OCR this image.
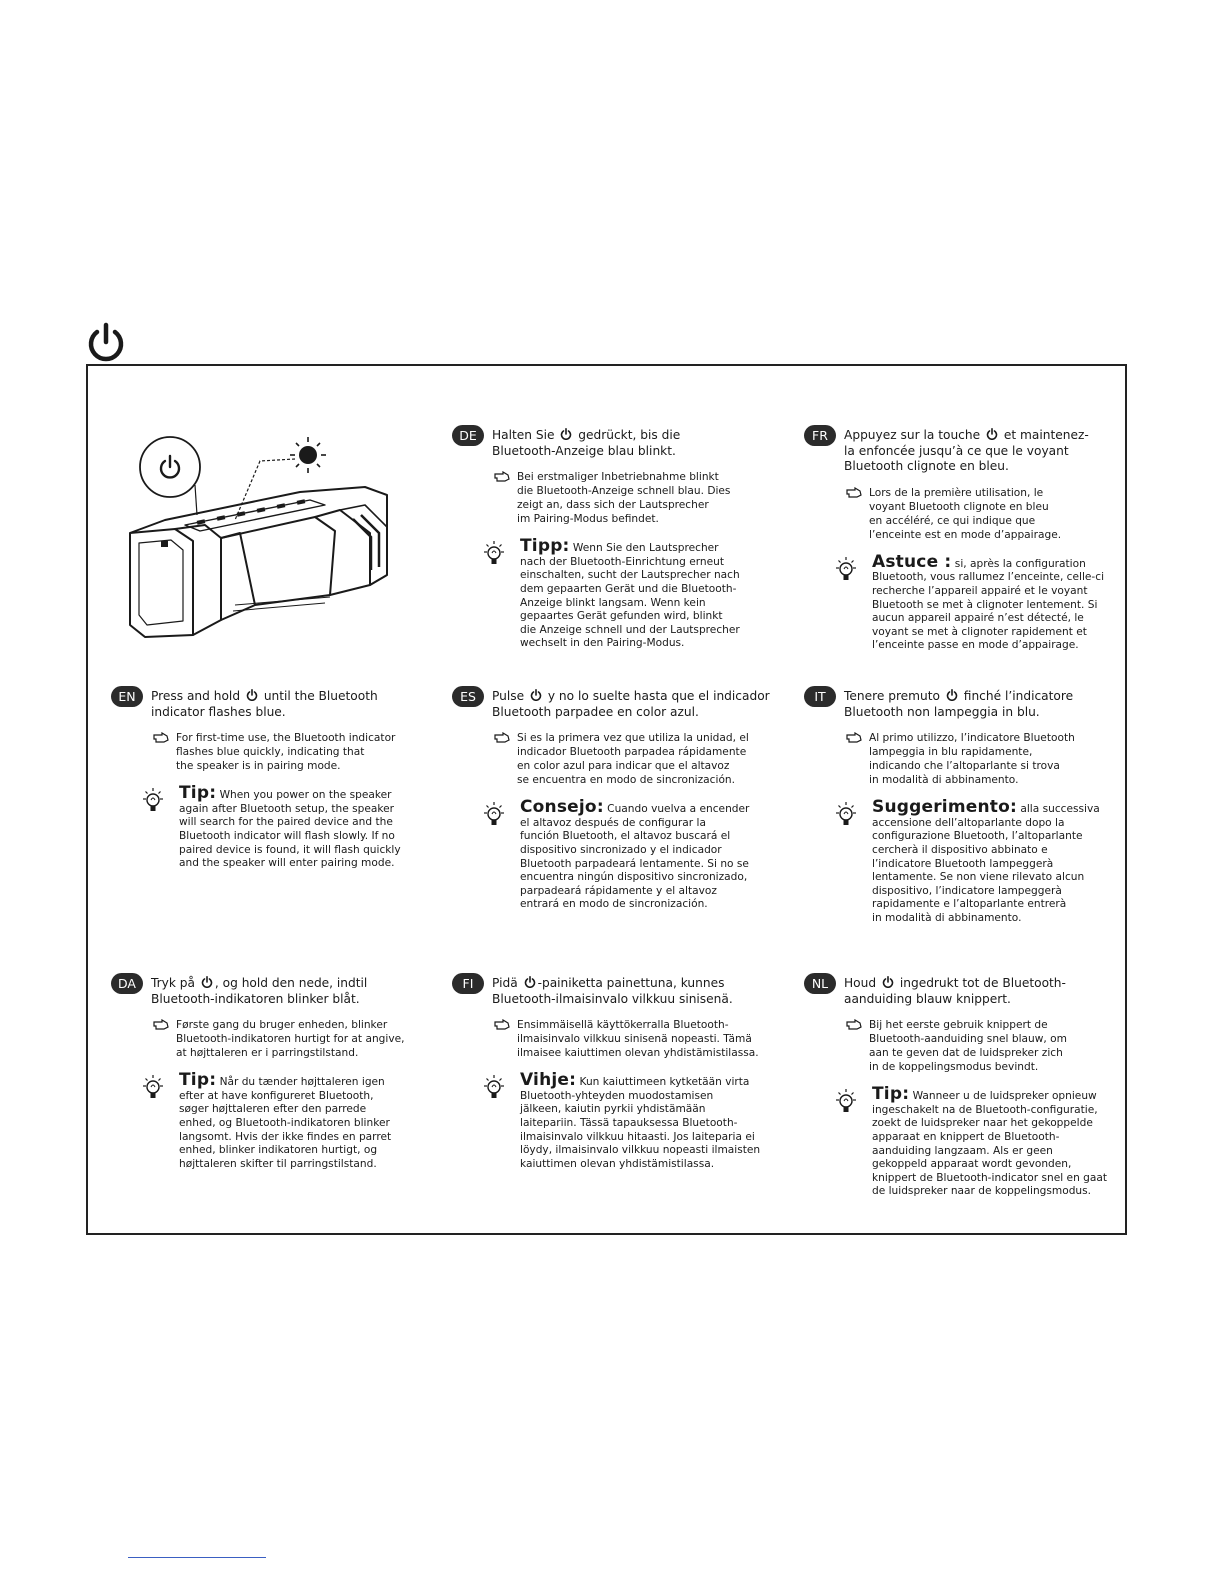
DE	Halten Sie gedrückt, bis die
Bluetooth-Anzeige blau blinkt.
Bei erstmaliger Inbetriebnahme blinkt
die Bluetooth-Anzeige schnell blau. Dies
zeigt an, dass sich der Lautsprecher
im Pairing-Modus befindet.
Tipp: Wenn Sie den Lautsprecher
nach der Bluetooth-Einrichtung erneut
einschalten, sucht der Lautsprecher nach
dem gepaarten Gerät und die Bluetooth-
Anzeige blinkt langsam. Wenn kein
gepaartes Gerät gefunden wird, blinkt
die Anzeige schnell und der Lautsprecher
wechselt in den Pairing-Modus.
FR	Appuyez sur la touche et maintenez-
la enfoncée jusqu’à ce que le voyant
Bluetooth clignote en bleu.
Lors de la première utilisation, le
voyant Bluetooth clignote en bleu
en accéléré, ce qui indique que
l’enceinte est en mode d’appairage.
Astuce : si, après la configuration
Bluetooth, vous rallumez l’enceinte, celle-ci
recherche l’appareil appairé et le voyant
Bluetooth se met à clignoter lentement. Si
aucun appareil appairé n’est détecté, le
voyant se met à clignoter rapidement et
l’enceinte passe en mode d’appairage.
EN	Press and hold until the Bluetooth
indicator flashes blue.
For first-time use, the Bluetooth indicator
flashes blue quickly, indicating that
the speaker is in pairing mode.
Tip: When you power on the speaker
again after Bluetooth setup, the speaker
will search for the paired device and the
Bluetooth indicator will flash slowly. If no
paired device is found, it will flash quickly
and the speaker will enter pairing mode.
ES	Pulse y no lo suelte hasta que el indicador
Bluetooth parpadee en color azul.
Si es la primera vez que utiliza la unidad, el
indicador Bluetooth parpadea rápidamente
en color azul para indicar que el altavoz
se encuentra en modo de sincronización.
Consejo: Cuando vuelva a encender
el altavoz después de configurar la
función Bluetooth, el altavoz buscará el
dispositivo sincronizado y el indicador
Bluetooth parpadeará lentamente. Si no se
encuentra ningún dispositivo sincronizado,
parpadeará rápidamente y el altavoz
entrará en modo de sincronización.
IT	Tenere premuto finché l’indicatore
Bluetooth non lampeggia in blu.
Al primo utilizzo, l’indicatore Bluetooth
lampeggia in blu rapidamente,
indicando che l’altoparlante si trova
in modalità di abbinamento.
Suggerimento: alla successiva
accensione dell’altoparlante dopo la
configurazione Bluetooth, l’altoparlante
cercherà il dispositivo abbinato e
l’indicatore Bluetooth lampeggerà
lentamente. Se non viene rilevato alcun
dispositivo, l’indicatore lampeggerà
rapidamente e l’altoparlante entrerà
in modalità di abbinamento.
DA	Tryk på , og hold den nede, indtil
Bluetooth-indikatoren blinker blåt.
Første gang du bruger enheden, blinker
Bluetooth-indikatoren hurtigt for at angive,
at højttaleren er i parringstilstand.
Tip: Når du tænder højttaleren igen
efter at have konfigureret Bluetooth,
søger højttaleren efter den parrede
enhed, og Bluetooth-indikatoren blinker
langsomt. Hvis der ikke findes en parret
enhed, blinker indikatoren hurtigt, og
højttaleren skifter til parringstilstand.
FI	Pidä -painiketta painettuna, kunnes
Bluetooth-ilmaisinvalo vilkkuu sinisenä.
Ensimmäisellä käyttökerralla Bluetooth-
ilmaisinvalo vilkkuu sinisenä nopeasti. Tämä
ilmaisee kaiuttimen olevan yhdistämistilassa.
Vihje: Kun kaiuttimeen kytketään virta
Bluetooth-yhteyden muodostamisen
jälkeen, kaiutin pyrkii yhdistämään
laitepariin. Tässä tapauksessa Bluetooth-
ilmaisinvalo vilkkuu hitaasti. Jos laiteparia ei
löydy, ilmaisinvalo vilkkuu nopeasti ilmaisten
kaiuttimen olevan yhdistämistilassa.
NL	Houd ingedrukt tot de Bluetooth-
aanduiding blauw knippert.
Bij het eerste gebruik knippert de
Bluetooth-aanduiding snel blauw, om
aan te geven dat de luidspreker zich
in de koppelingsmodus bevindt.
Tip: Wanneer u de luidspreker opnieuw
ingeschakelt na de Bluetooth-configuratie,
zoekt de luidspreker naar het gekoppelde
apparaat en knippert de Bluetooth-
aanduiding langzaam. Als er geen
gekoppeld apparaat wordt gevonden,
knippert de Bluetooth-indicator snel en gaat
de luidspreker naar de koppelingsmodus.
